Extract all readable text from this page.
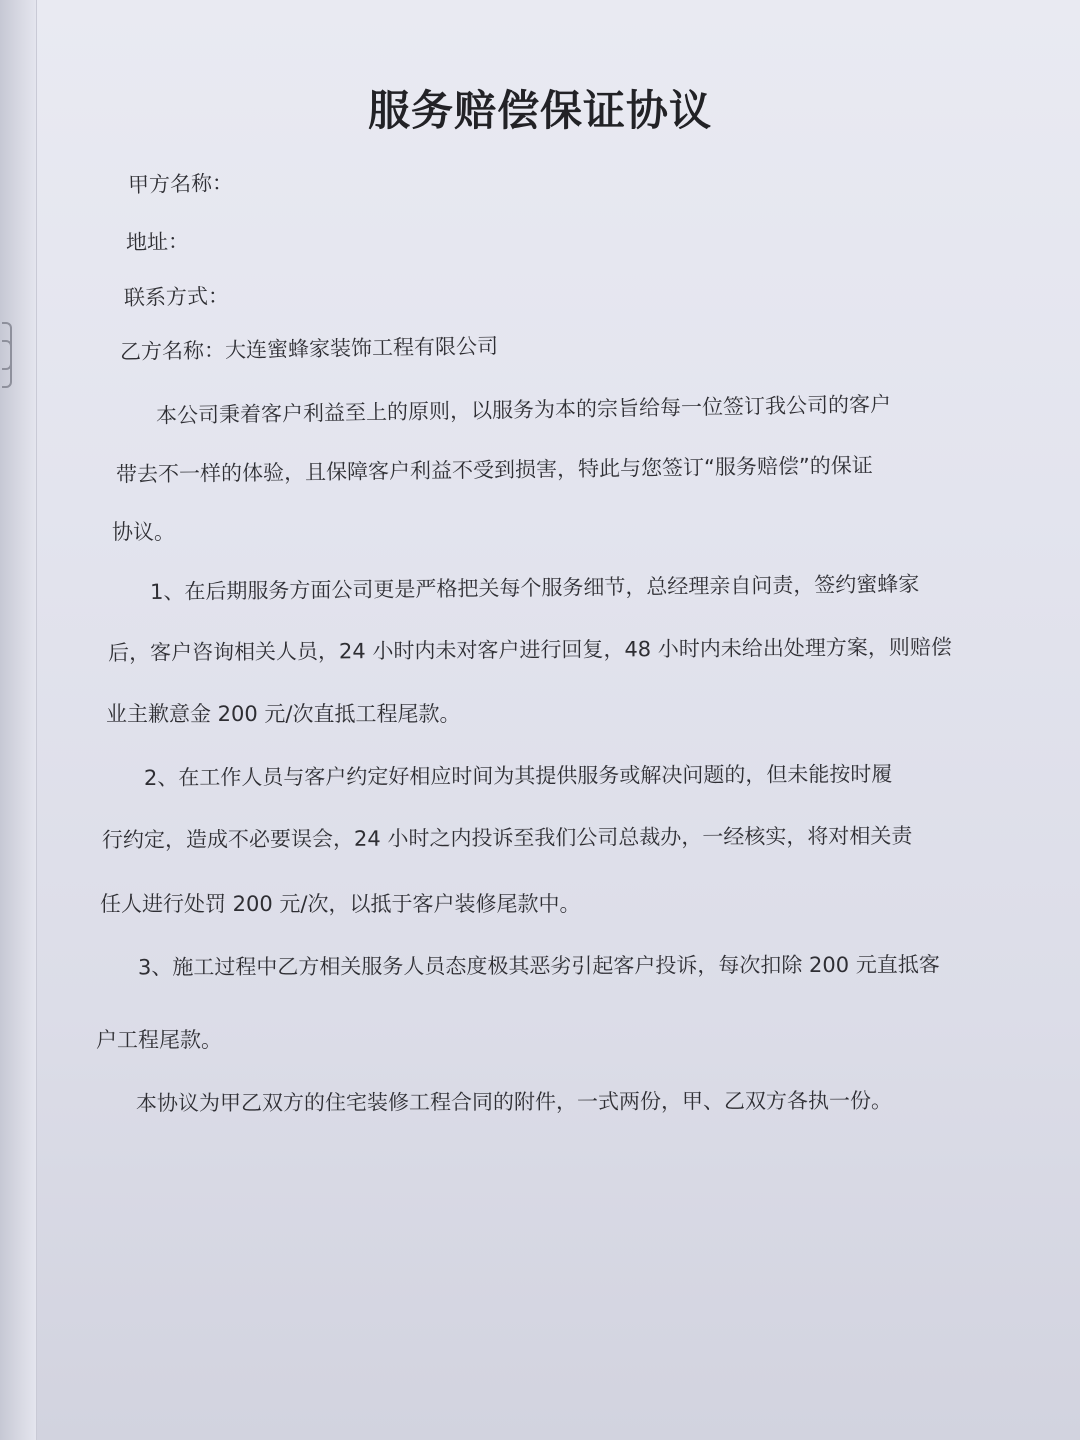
服务赔偿保证协议
甲方名称：
地址：
联系方式：
乙方名称：大连蜜蜂家装饰工程有限公司
本公司秉着客户利益至上的原则，以服务为本的宗旨给每一位签订我公司的客户
带去不一样的体验，且保障客户利益不受到损害，特此与您签订“服务赔偿”的保证
协议。
1、在后期服务方面公司更是严格把关每个服务细节，总经理亲自问责，签约蜜蜂家
后，客户咨询相关人员，24 小时内未对客户进行回复，48 小时内未给出处理方案，则赔偿
业主歉意金 200 元/次直抵工程尾款。
2、在工作人员与客户约定好相应时间为其提供服务或解决问题的，但未能按时履
行约定，造成不必要误会，24 小时之内投诉至我们公司总裁办，一经核实，将对相关责
任人进行处罚 200 元/次，以抵于客户装修尾款中。
3、施工过程中乙方相关服务人员态度极其恶劣引起客户投诉，每次扣除 200 元直抵客
户工程尾款。
本协议为甲乙双方的住宅装修工程合同的附件，一式两份，甲、乙双方各执一份。
